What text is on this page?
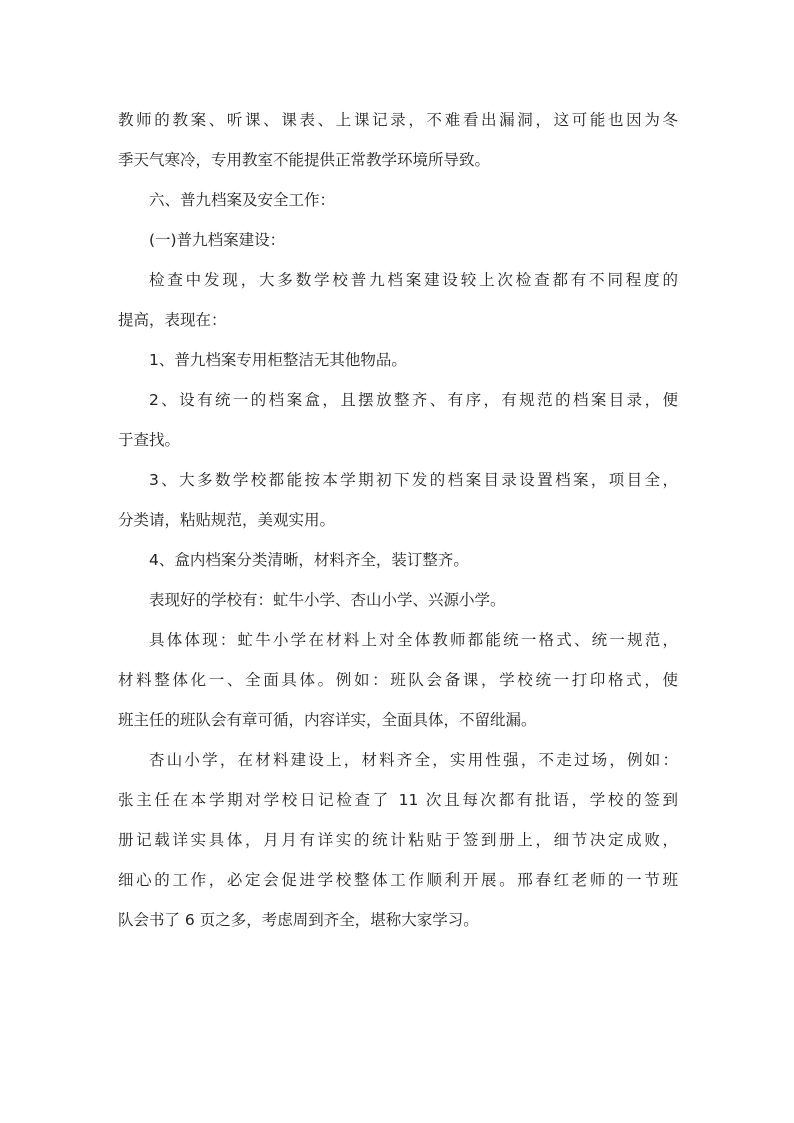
教师的教案、听课、课表、上课记录，不难看出漏洞，这可能也因为冬
季天气寒冷，专用教室不能提供正常教学环境所导致。
六、普九档案及安全工作：
(一)普九档案建设：
检查中发现，大多数学校普九档案建设较上次检查都有不同程度的
提高，表现在：
1、普九档案专用柜整洁无其他物品。
2、设有统一的档案盒，且摆放整齐、有序，有规范的档案目录，便
于查找。
3、大多数学校都能按本学期初下发的档案目录设置档案，项目全，
分类请，粘贴规范，美观实用。
4、盒内档案分类清晰，材料齐全，装订整齐。
表现好的学校有：虻牛小学、杏山小学、兴源小学。
具体体现：虻牛小学在材料上对全体教师都能统一格式、统一规范，
材料整体化一、全面具体。例如：班队会备课，学校统一打印格式，使
班主任的班队会有章可循，内容详实，全面具体，不留纰漏。
杏山小学，在材料建设上，材料齐全，实用性强，不走过场，例如：
张主任在本学期对学校日记检查了 11 次且每次都有批语，学校的签到
册记载详实具体，月月有详实的统计粘贴于签到册上，细节决定成败，
细心的工作，必定会促进学校整体工作顺利开展。邢春红老师的一节班
队会书了 6 页之多，考虑周到齐全，堪称大家学习。
